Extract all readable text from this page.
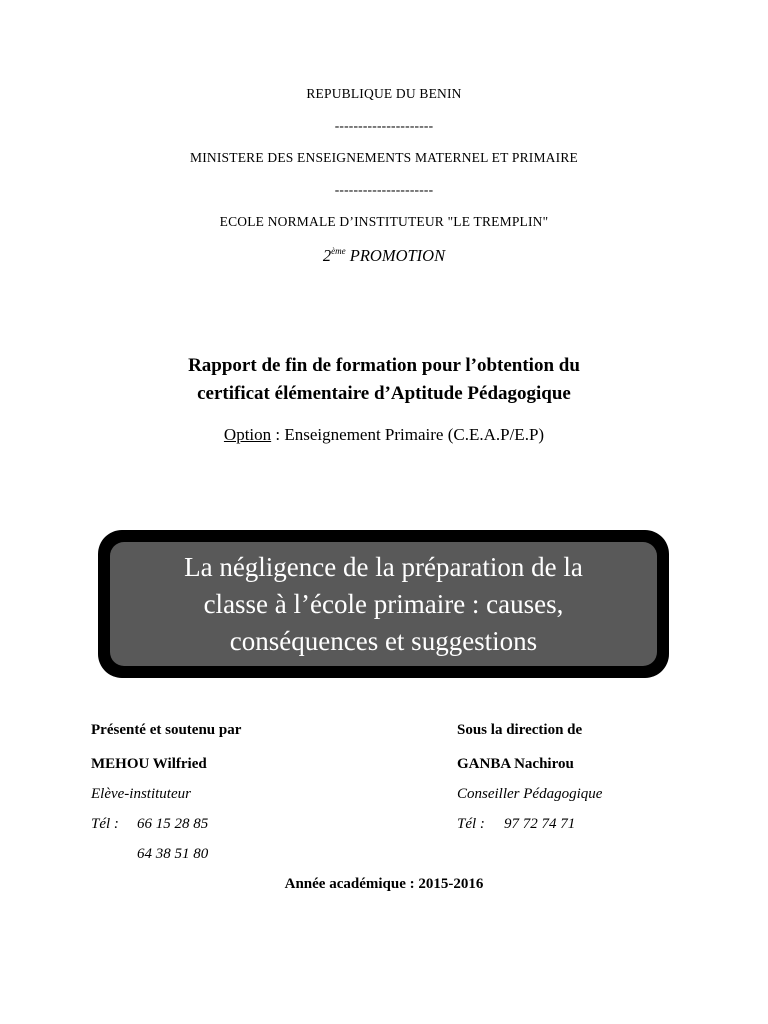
REPUBLIQUE DU BENIN
---------------------
MINISTERE DES ENSEIGNEMENTS MATERNEL ET PRIMAIRE
---------------------
ECOLE NORMALE D’INSTITUTEUR "LE TREMPLIN"
2ème PROMOTION
Rapport de fin de formation pour l’obtention du
certificat élémentaire d’Aptitude Pédagogique
Option : Enseignement Primaire (C.E.A.P/E.P)
La négligence de la préparation de la
classe à l’école primaire : causes,
conséquences et suggestions
Présenté et soutenu par
MEHOU Wilfried
Elève-instituteur
Tél : 66 15 28 85
64 38 51 80
Sous la direction de
GANBA Nachirou
Conseiller Pédagogique
Tél : 97 72 74 71
Année académique : 2015-2016
